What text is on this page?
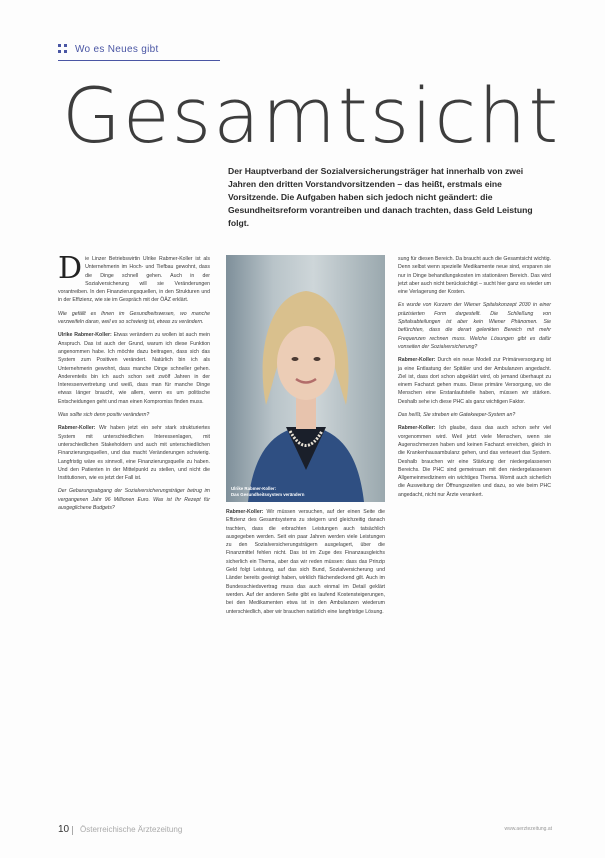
Wo es Neues gibt
Gesamtsicht

Der Hauptverband der Sozialversicherungsträger hat innerhalb von zwei Jahren den dritten Vorstandvorsitzenden – das heißt, erstmals eine Vorsitzende. Die Aufgaben haben sich jedoch nicht geändert: die Gesundheitsreform vorantreiben und danach trachten, dass Geld Leistung folgt.

Die Linzer Betriebswirtin Ulrike Rabmer-Koller ist als Unternehmerin im Hoch- und Tiefbau gewohnt, dass die Dinge schnell gehen. Auch in der Sozialversicherung will sie Veränderungen vorantreiben. In den Finanzierungsquellen, in den Strukturen und in der Effizienz, wie sie im Gespräch mit der ÖÄZ erklärt.

Wie gefällt es Ihnen im Gesundheitswesen, wo manche verzweifeln daran, weil es so schwierig ist, etwas zu verändern.

Ulrike Rabmer-Koller: Etwas verändern zu wollen ist auch mein Anspruch. Das ist auch der Grund, warum ich diese Funktion angenommen habe. Ich möchte dazu beitragen, dass sich das System zum Positiven verändert. Natürlich bin ich als Unternehmerin gewohnt, dass manche Dinge schneller gehen. Anderenteils bin ich auch schon seit zwölf Jahren in der Interessenvertretung und weiß, dass man für manche Dinge etwas länger braucht, wie allem, wenn es um politische Entscheidungen geht und man einen Kompromiss finden muss.

Was sollte sich denn positiv verändern?

Rabmer-Koller: Wir haben jetzt ein sehr stark strukturiertes System mit unterschiedlichen Interessenlagen, mit unterschiedlichen Stakeholdern und auch mit unterschiedlichen Finanzierungsquellen, und das macht Veränderungen schwierig. Langfristig wäre es sinnvoll, eine Finanzierungsquelle zu haben. Und den Patienten in der Mittelpunkt zu stellen, und nicht die Institutionen, wie es jetzt der Fall ist.

Der Gebarungsabgang der Sozialversicherungsträger betrug im vergangenen Jahr 96 Millionen Euro. Was ist Ihr Rezept für ausgeglichene Budgets?

Ulrike Rabmer-Koller:
Das Gesundheitssystem verändern

Rabmer-Koller: Wir müssen versuchen, auf der einen Seite die Effizienz des Gesamtsystems zu steigern und gleichzeitig danach trachten, dass die erbrachten Leistungen auch tatsächlich ausgegeben werden. Seit ein paar Jahren werden viele Leistungen zu den Sozialversicherungsträgern ausgelagert, über die Finanzmittel fehlen nicht. Das ist im Zuge des Finanzausgleichs sicherlich ein Thema, aber das wir reden müssen: dass das Prinzip Geld folgt Leistung, auf das sich Bund, Sozialversicherung und Länder bereits geeinigt haben, wirklich flächendeckend gilt. Auch im Bundesschiedsvertrag muss das auch einmal im Detail geklärt werden. Auf der anderen Seite gibt es laufend Kostensteigerungen, bei den Medikamenten etwa ist in den Ambulanzen wiederum unterschiedlich, aber wir brauchen natürlich eine langfristige Lösung.

sung für diesen Bereich. Da braucht auch die Gesamtsicht wichtig. Denn selbst wenn spezielle Medikamente neue sind, ersparen sie nur in Dinge behandlungskosten im stationären Bereich. Das wird jetzt aber auch nicht berücksichtigt – sucht hier ganz es wieder um eine Verlagerung der Kosten.

Es wurde von Kurzem der Wiener Spitalskonzept 2030 in einer präzisierten Form dargestellt. Die Schließung von Spitalsabteilungen ist aber kein Wiener Phänomen. Sie befürchten, dass die derart gelenkten Bereich mit mehr Frequenzen rechnen muss. Welche Lösungen gibt es dafür vonseiten der Sozialversicherung?

Rabmer-Koller: Durch ein neue Modell zur Primärversorgung ist ja eine Entlastung der Spitäler und der Ambulanzen angedacht. Ziel ist, dass dort schon abgeklärt wird, ob jemand überhaupt zu einem Facharzt gehen muss. Diese primäre Versorgung, wo die Menschen eine Erstanlaufstelle haben, müssen wir stärken. Deshalb sehe ich diese PHC als ganz wichtigen Faktor.

Das heißt, Sie streben ein Gatekeeper-System an?

Rabmer-Koller: Ich glaube, dass das auch schon sehr viel vorgenommen wird. Weil jetzt viele Menschen, wenn sie Augenschmerzen haben und keinen Facharzt erreichen, gleich in die Krankenhausambulanz gehen, und das verteuert das System. Deshalb brauchen wir eine Stärkung der niedergelassenen Bereichs. Die PHC sind gemeinsam mit den niedergelassenen Allgemeinmedizinern ein wichtiges Thema. Womit auch sicherlich die Ausweitung der Öffnungszeiten und dazu, so wie beim PHC angedacht, nicht nur Ärzte verankert.

10 Österreichische Ärztezeitung	www.aerztezeitung.at
